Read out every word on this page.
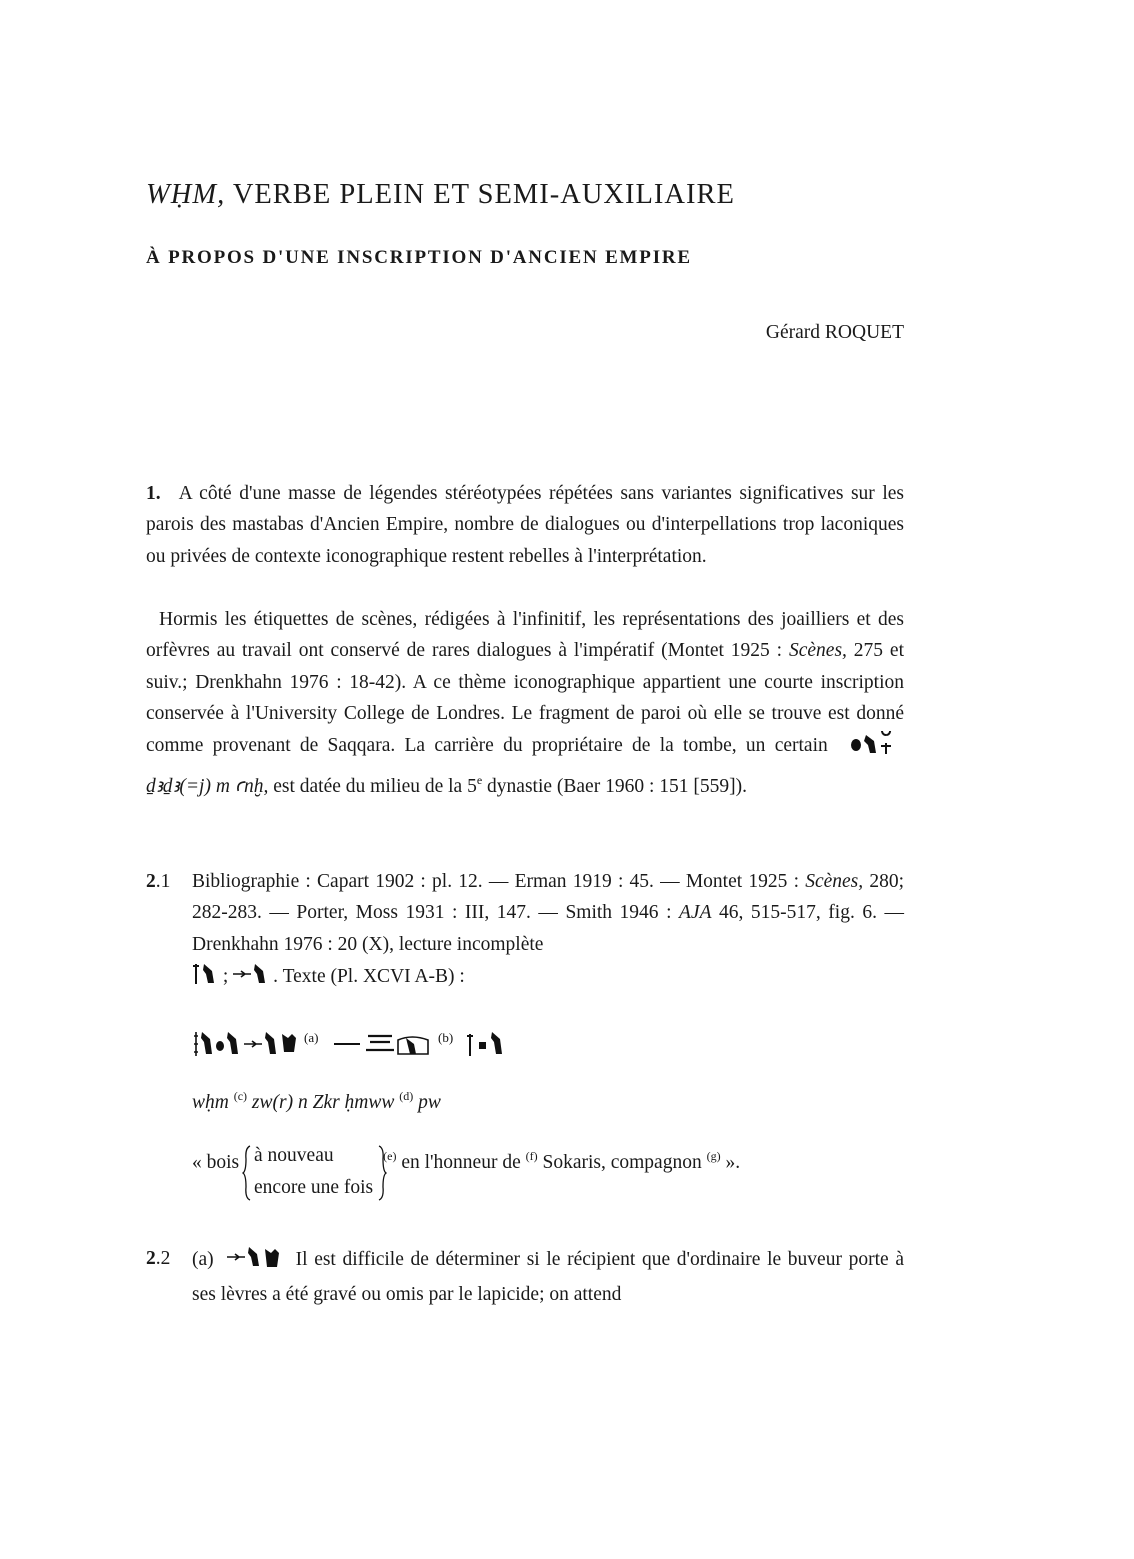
WḤM, VERBE PLEIN ET SEMI-AUXILIAIRE
À PROPOS D'UNE INSCRIPTION D'ANCIEN EMPIRE
Gérard ROQUET

1. A côté d'une masse de légendes stéréotypées répétées sans variantes significatives sur les parois des mastabas d'Ancien Empire, nombre de dialogues ou d'interpellations trop laconiques ou privées de contexte iconographique restent rebelles à l'interprétation.

Hormis les étiquettes de scènes, rédigées à l'infinitif, les représentations des joailliers et des orfèvres au travail ont conservé de rares dialogues à l'impératif (Montet 1925 : Scènes, 275 et suiv.; Drenkhahn 1976 : 18-42). A ce thème iconographique appartient une courte inscription conservée à l'University College de Londres. Le fragment de paroi où elle se trouve est donné comme provenant de Saqqara. La carrière du propriétaire de la tombe, un certain  ḏꜣḏꜣ(=j) m ꜥnḫ, est datée du milieu de la 5e dynastie (Baer 1960 : 151 [559]).

2.1 Bibliographie : Capart 1902 : pl. 12. — Erman 1919 : 45. — Montet 1925 : Scènes, 280; 282-283. — Porter, Moss 1931 : III, 147. — Smith 1946 : AJA 46, 515-517, fig. 6. — Drenkhahn 1976 : 20 (X), lecture incomplète
; . Texte (Pl. XCVI A-B) :
(a)	(b)
wḥm $^{(c)}$ zw(r) n Zkr ḥmww $^{(d)}$ pw
« bois à nouveau
encore une fois
$^{(e)}$ en l'honneur de $^{(f)}$ Sokaris, compagnon $^{(g)}$ ».
2.2 (a)	Il est difficile de déterminer si le récipient que d'ordinaire le buveur porte à ses lèvres a été gravé ou omis par le lapicide; on attend
